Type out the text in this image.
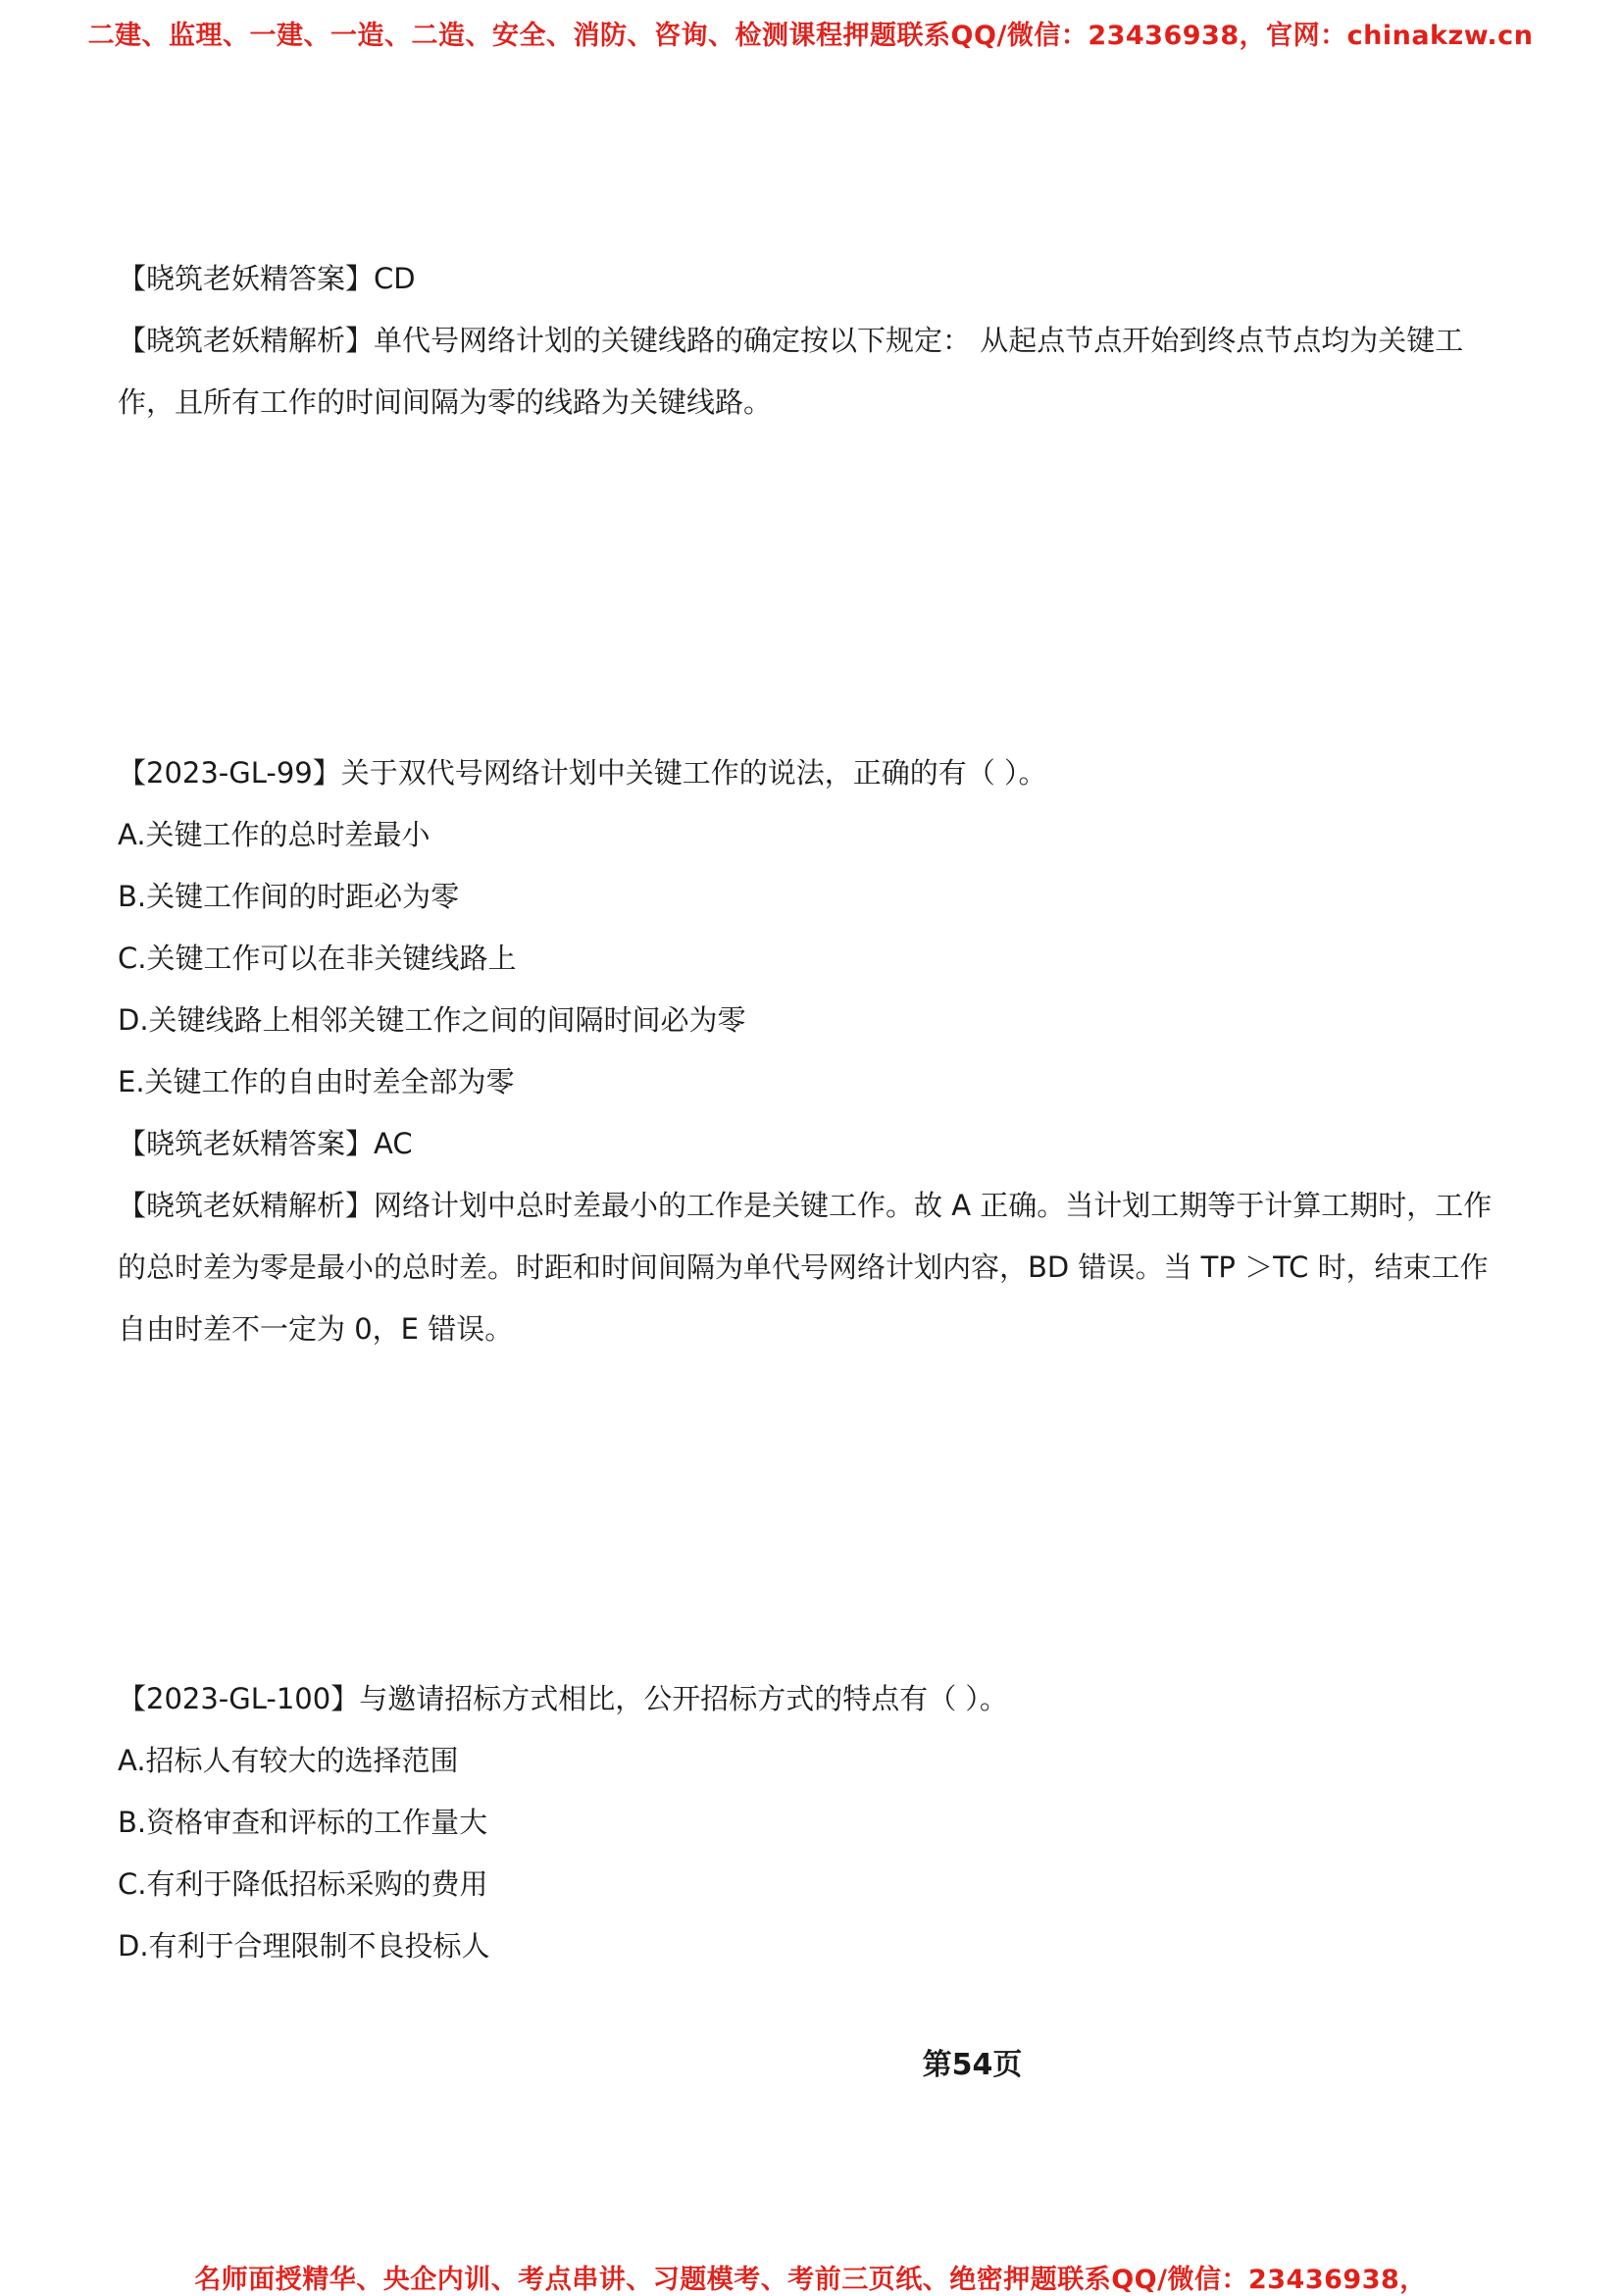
二建、监理、一建、一造、二造、安全、消防、咨询、检测课程押题联系QQ/微信：23436938，官网：chinakzw.cn
【晓筑老妖精答案】CD
【晓筑老妖精解析】单代号网络计划的关键线路的确定按以下规定： 从起点节点开始到终点节点均为关键工
作，且所有工作的时间间隔为零的线路为关键线路。
【2023-GL-99】关于双代号网络计划中关键工作的说法，正确的有（ ）。
A.关键工作的总时差最小
B.关键工作间的时距必为零
C.关键工作可以在非关键线路上
D.关键线路上相邻关键工作之间的间隔时间必为零
E.关键工作的自由时差全部为零
【晓筑老妖精答案】AC
【晓筑老妖精解析】网络计划中总时差最小的工作是关键工作。故 A 正确。当计划工期等于计算工期时，工作
的总时差为零是最小的总时差。时距和时间间隔为单代号网络计划内容，BD 错误。当 TP ＞TC 时，结束工作
自由时差不一定为 0，E 错误。
【2023-GL-100】与邀请招标方式相比，公开招标方式的特点有（ ）。
A.招标人有较大的选择范围
B.资格审查和评标的工作量大
C.有利于降低招标采购的费用
D.有利于合理限制不良投标人
第54页
名师面授精华、央企内训、考点串讲、习题模考、考前三页纸、绝密押题联系QQ/微信：23436938，
